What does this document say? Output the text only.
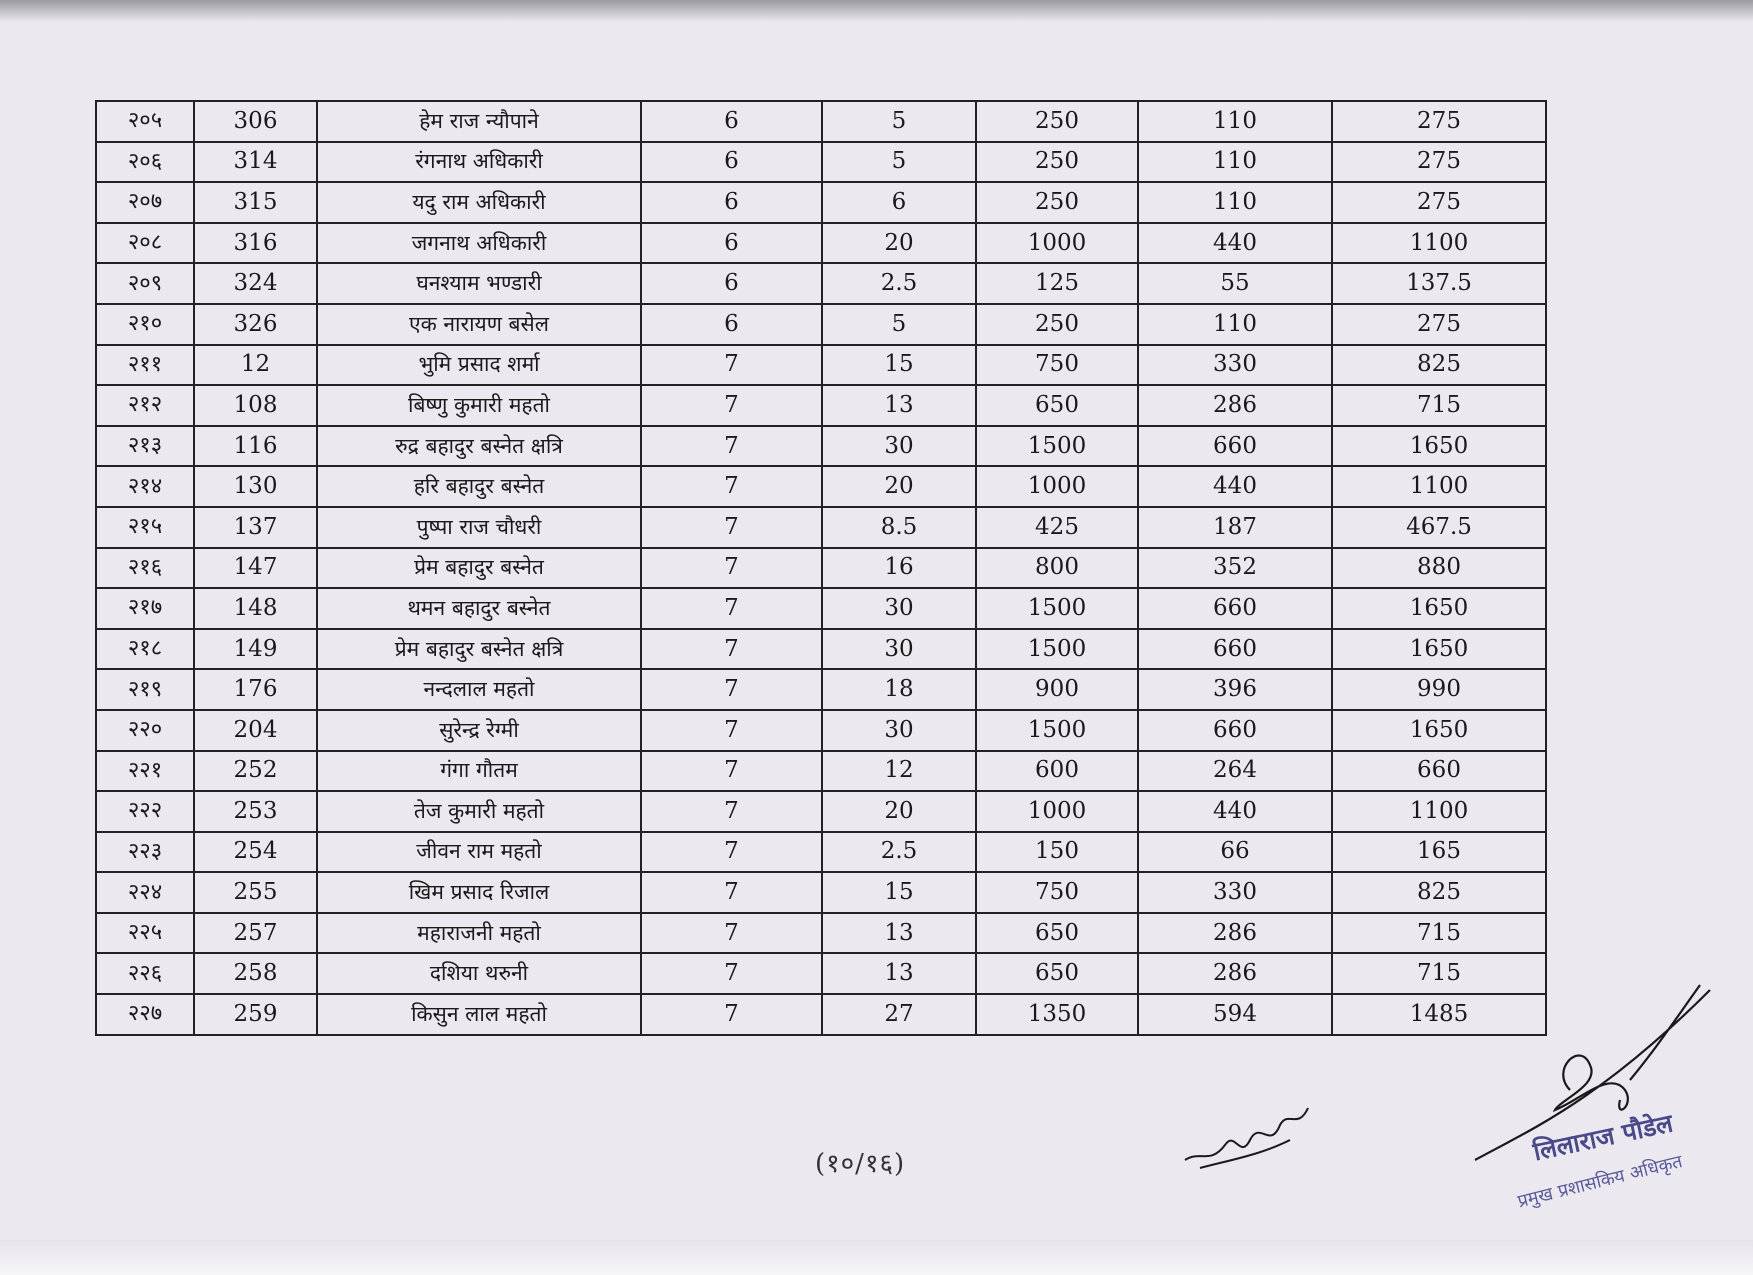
२०५	306	हेम राज न्यौपाने	6	5	250	110	275
२०६	314	रंगनाथ अधिकारी	6	5	250	110	275
२०७	315	यदु राम अधिकारी	6	6	250	110	275
२०८	316	जगनाथ अधिकारी	6	20	1000	440	1100
२०९	324	घनश्याम भण्डारी	6	2.5	125	55	137.5
२१०	326	एक नारायण बसेल	6	5	250	110	275
२११	12	भुमि प्रसाद शर्मा	7	15	750	330	825
२१२	108	बिष्णु कुमारी महतो	7	13	650	286	715
२१३	116	रुद्र बहादुर बस्नेत क्षत्रि	7	30	1500	660	1650
२१४	130	हरि बहादुर बस्नेत	7	20	1000	440	1100
२१५	137	पुष्पा राज चौधरी	7	8.5	425	187	467.5
२१६	147	प्रेम बहादुर बस्नेत	7	16	800	352	880
२१७	148	थमन बहादुर बस्नेत	7	30	1500	660	1650
२१८	149	प्रेम बहादुर बस्नेत क्षत्रि	7	30	1500	660	1650
२१९	176	नन्दलाल महतो	7	18	900	396	990
२२०	204	सुरेन्द्र रेग्मी	7	30	1500	660	1650
२२१	252	गंगा गौतम	7	12	600	264	660
२२२	253	तेज कुमारी महतो	7	20	1000	440	1100
२२३	254	जीवन राम महतो	7	2.5	150	66	165
२२४	255	खिम प्रसाद रिजाल	7	15	750	330	825
२२५	257	महाराजनी महतो	7	13	650	286	715
२२६	258	दशिया थरुनी	7	13	650	286	715
२२७	259	किसुन लाल महतो	7	27	1350	594	1485
(१०/१६)	लिलाराज पौडेल
प्रमुख प्रशासकिय अधिकृत
